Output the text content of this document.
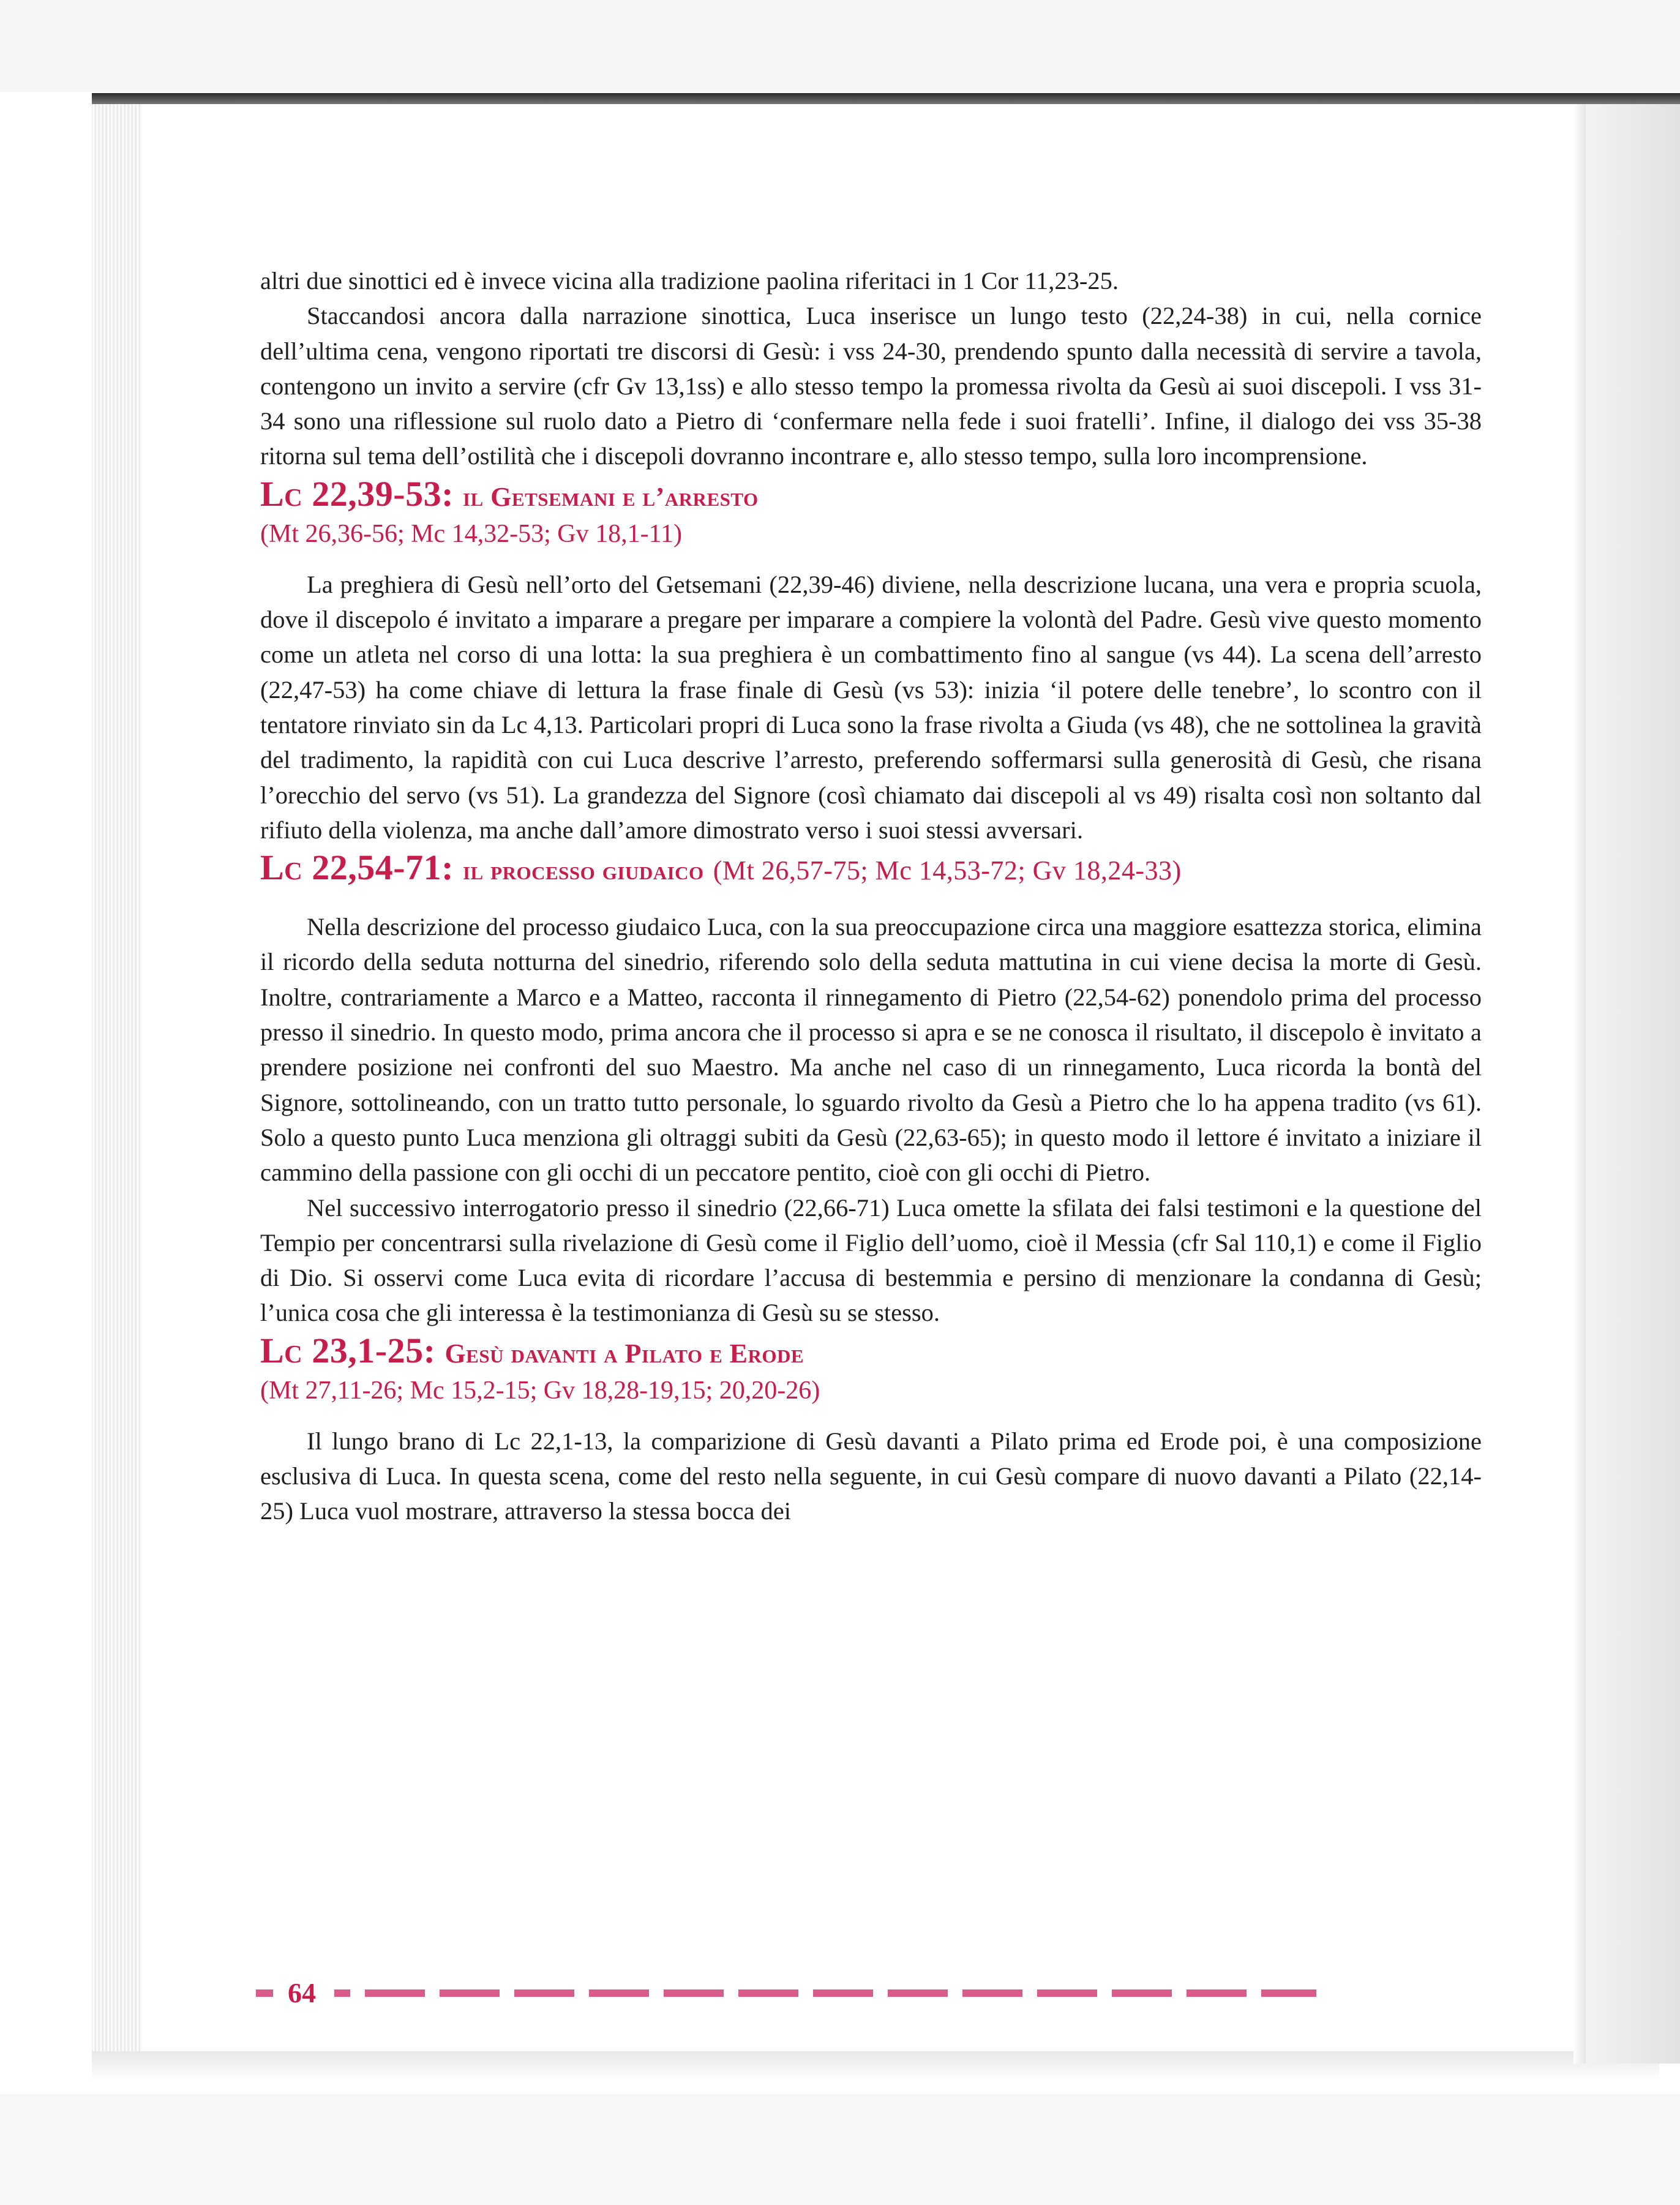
altri due sinottici ed è invece vicina alla tradizione paolina riferitaci in 1 Cor 11,23-25.

Staccandosi ancora dalla narrazione sinottica, Luca inserisce un lungo testo (22,24-38) in cui, nella cornice dell’ultima cena, vengono riportati tre discorsi di Gesù: i vss 24-30, prendendo spunto dalla necessità di servire a tavola, contengono un invito a servire (cfr Gv 13,1ss) e allo stesso tempo la promessa rivolta da Gesù ai suoi discepoli. I vss 31-34 sono una riflessione sul ruolo dato a Pietro di ‘confermare nella fede i suoi fratelli’. Infine, il dialogo dei vss 35-38 ritorna sul tema dell’ostilità che i discepoli dovranno incontrare e, allo stesso tempo, sulla loro incomprensione.

Lc 22,39-53: il Getsemani e l’arresto
(Mt 26,36-56; Mc 14,32-53; Gv 18,1-11)

La preghiera di Gesù nell’orto del Getsemani (22,39-46) diviene, nella descrizione lucana, una vera e propria scuola, dove il discepolo é invitato a imparare a pregare per imparare a compiere la volontà del Padre. Gesù vive questo momento come un atleta nel corso di una lotta: la sua preghiera è un combattimento fino al sangue (vs 44). La scena dell’arresto (22,47-53) ha come chiave di lettura la frase finale di Gesù (vs 53): inizia ‘il potere delle tenebre’, lo scontro con il tentatore rinviato sin da Lc 4,13. Particolari propri di Luca sono la frase rivolta a Giuda (vs 48), che ne sottolinea la gravità del tradimento, la rapidità con cui Luca descrive l’arresto, preferendo soffermarsi sulla generosità di Gesù, che risana l’orecchio del servo (vs 51). La grandezza del Signore (così chiamato dai discepoli al vs 49) risalta così non soltanto dal rifiuto della violenza, ma anche dall’amore dimostrato verso i suoi stessi avversari.

Lc 22,54-71: il processo giudaico (Mt 26,57-75; Mc 14,53-72; Gv 18,24-33)

Nella descrizione del processo giudaico Luca, con la sua preoccupazione circa una maggiore esattezza storica, elimina il ricordo della seduta notturna del sinedrio, riferendo solo della seduta mattutina in cui viene decisa la morte di Gesù. Inoltre, contrariamente a Marco e a Matteo, racconta il rinnegamento di Pietro (22,54-62) ponendolo prima del processo presso il sinedrio. In questo modo, prima ancora che il processo si apra e se ne conosca il risultato, il discepolo è invitato a prendere posizione nei confronti del suo Maestro. Ma anche nel caso di un rinnegamento, Luca ricorda la bontà del Signore, sottolineando, con un tratto tutto personale, lo sguardo rivolto da Gesù a Pietro che lo ha appena tradito (vs 61). Solo a questo punto Luca menziona gli oltraggi subiti da Gesù (22,63-65); in questo modo il lettore é invitato a iniziare il cammino della passione con gli occhi di un peccatore pentito, cioè con gli occhi di Pietro.

Nel successivo interrogatorio presso il sinedrio (22,66-71) Luca omette la sfilata dei falsi testimoni e la questione del Tempio per concentrarsi sulla rivelazione di Gesù come il Figlio dell’uomo, cioè il Messia (cfr Sal 110,1) e come il Figlio di Dio. Si osservi come Luca evita di ricordare l’accusa di bestemmia e persino di menzionare la condanna di Gesù; l’unica cosa che gli interessa è la testimonianza di Gesù su se stesso.

Lc 23,1-25: Gesù davanti a Pilato e Erode
(Mt 27,11-26; Mc 15,2-15; Gv 18,28-19,15; 20,20-26)

Il lungo brano di Lc 22,1-13, la comparizione di Gesù davanti a Pilato prima ed Erode poi, è una composizione esclusiva di Luca. In questa scena, come del resto nella seguente, in cui Gesù compare di nuovo davanti a Pilato (22,14-25) Luca vuol mostrare, attraverso la stessa bocca dei

64
